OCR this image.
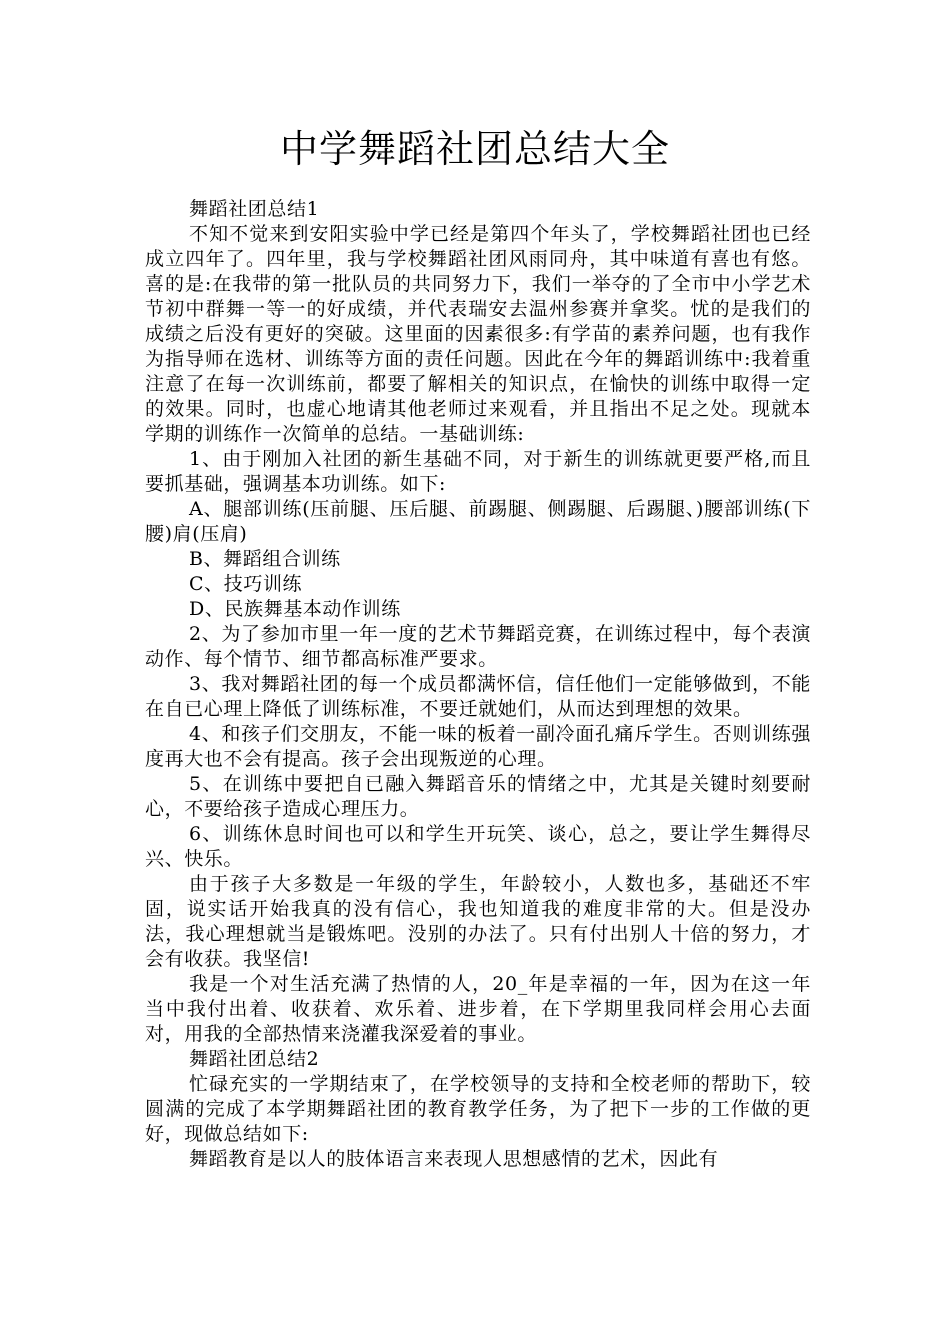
中学舞蹈社团总结大全

舞蹈社团总结1

不知不觉来到安阳实验中学已经是第四个年头了，学校舞蹈社团也已经成立四年了。四年里，我与学校舞蹈社团风雨同舟，其中味道有喜也有悠。喜的是:在我带的第一批队员的共同努力下，我们一举夺的了全市中小学艺术节初中群舞一等一的好成绩，并代表瑞安去温州参赛并拿奖。忧的是我们的成绩之后没有更好的突破。这里面的因素很多:有学苗的素养问题，也有我作为指导师在选材、训练等方面的责任问题。因此在今年的舞蹈训练中:我着重注意了在每一次训练前，都要了解相关的知识点，在愉快的训练中取得一定的效果。同时，也虚心地请其他老师过来观看，并且指出不足之处。现就本学期的训练作一次简单的总结。一基础训练:

1、由于刚加入社团的新生基础不同，对于新生的训练就更要严格,而且要抓基础，强调基本功训练。如下:

A、腿部训练(压前腿、压后腿、前踢腿、侧踢腿、后踢腿、)腰部训练(下腰)肩(压肩)

B、舞蹈组合训练

C、技巧训练

D、民族舞基本动作训练

2、为了参加市里一年一度的艺术节舞蹈竞赛，在训练过程中，每个表演动作、每个情节、细节都高标准严要求。

3、我对舞蹈社团的每一个成员都满怀信，信任他们一定能够做到，不能在自已心理上降低了训练标准，不要迁就她们，从而达到理想的效果。

4、和孩子们交朋友，不能一味的板着一副冷面孔痛斥学生。否则训练强度再大也不会有提高。孩子会出现叛逆的心理。

5、在训练中要把自已融入舞蹈音乐的情绪之中，尤其是关键时刻要耐心，不要给孩子造成心理压力。

6、训练休息时间也可以和学生开玩笑、谈心，总之，要让学生舞得尽兴、快乐。

由于孩子大多数是一年级的学生，年龄较小，人数也多，基础还不牢固，说实话开始我真的没有信心，我也知道我的难度非常的大。但是没办法，我心理想就当是锻炼吧。没别的办法了。只有付出别人十倍的努力，才会有收获。我坚信!

我是一个对生活充满了热情的人，20_年是幸福的一年，因为在这一年当中我付出着、收获着、欢乐着、进步着，在下学期里我同样会用心去面对，用我的全部热情来浇灌我深爱着的事业。

舞蹈社团总结2

忙碌充实的一学期结束了，在学校领导的支持和全校老师的帮助下，较圆满的完成了本学期舞蹈社团的教育教学任务，为了把下一步的工作做的更好，现做总结如下:

舞蹈教育是以人的肢体语言来表现人思想感情的艺术，因此有
